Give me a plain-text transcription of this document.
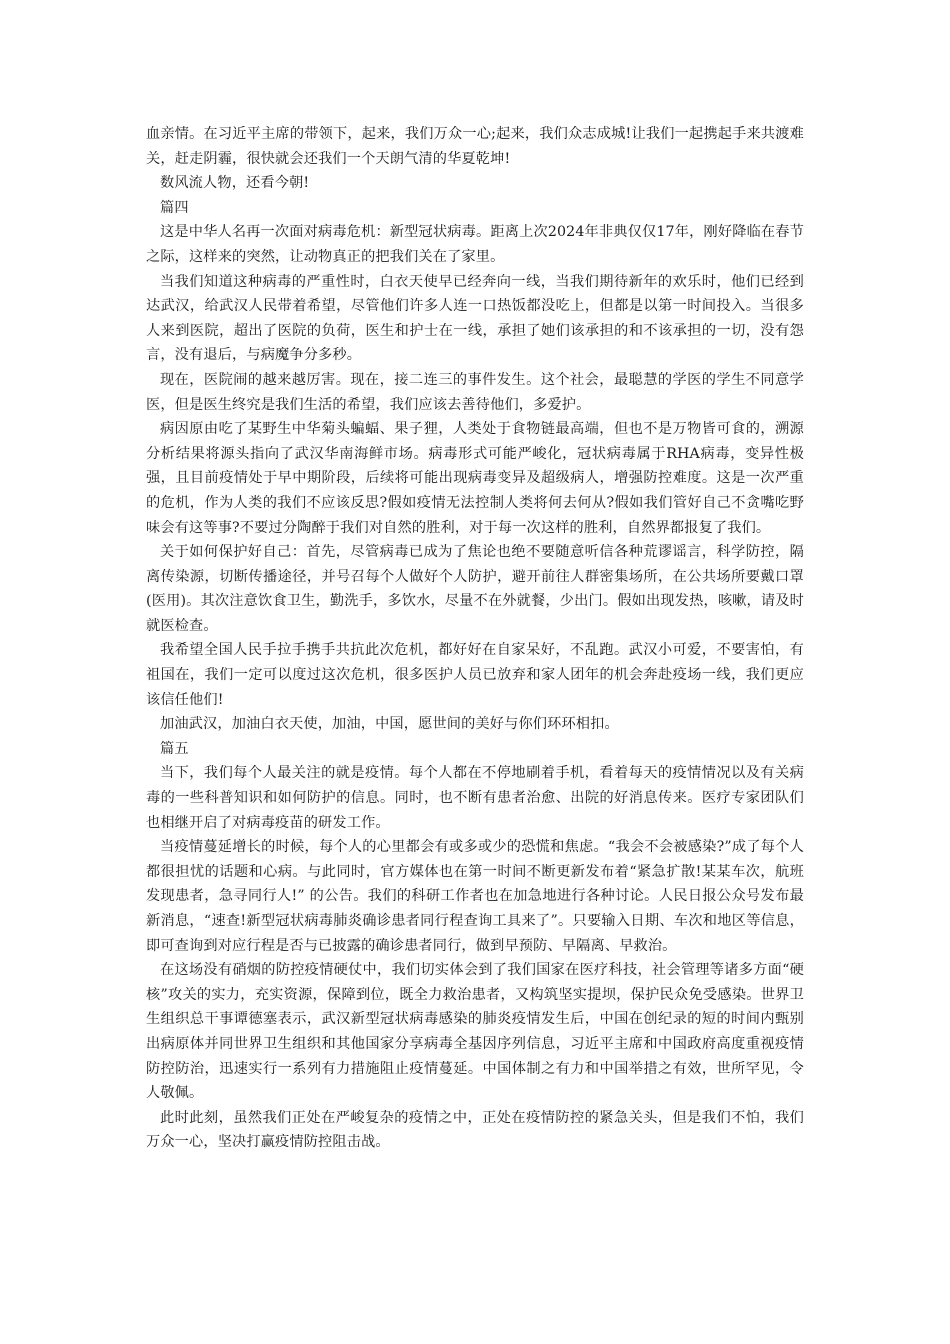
血亲情。在习近平主席的带领下，起来，我们万众一心;起来，我们众志成城!让我们一起携起手来共渡难关，赶走阴霾，很快就会还我们一个天朗气清的华夏乾坤!

数风流人物，还看今朝!

篇四

这是中华人名再一次面对病毒危机：新型冠状病毒。距离上次2024年非典仅仅17年，刚好降临在春节之际，这样来的突然，让动物真正的把我们关在了家里。

当我们知道这种病毒的严重性时，白衣天使早已经奔向一线，当我们期待新年的欢乐时，他们已经到达武汉，给武汉人民带着希望，尽管他们许多人连一口热饭都没吃上，但都是以第一时间投入。当很多人来到医院，超出了医院的负荷，医生和护士在一线，承担了她们该承担的和不该承担的一切，没有怨言，没有退后，与病魔争分多秒。

现在，医院闹的越来越厉害。现在，接二连三的事件发生。这个社会，最聪慧的学医的学生不同意学医，但是医生终究是我们生活的希望，我们应该去善待他们，多爱护。

病因原由吃了某野生中华菊头蝙蝠、果子狸，人类处于食物链最高端，但也不是万物皆可食的，溯源分析结果将源头指向了武汉华南海鲜市场。病毒形式可能严峻化，冠状病毒属于RHA病毒，变异性极强，且目前疫情处于早中期阶段，后续将可能出现病毒变异及超级病人，增强防控难度。这是一次严重的危机，作为人类的我们不应该反思?假如疫情无法控制人类将何去何从?假如我们管好自己不贪嘴吃野味会有这等事?不要过分陶醉于我们对自然的胜利，对于每一次这样的胜利，自然界都报复了我们。

关于如何保护好自己：首先，尽管病毒已成为了焦论也绝不要随意听信各种荒谬谣言，科学防控，隔离传染源，切断传播途径，并号召每个人做好个人防护，避开前往人群密集场所，在公共场所要戴口罩(医用)。其次注意饮食卫生，勤洗手，多饮水，尽量不在外就餐，少出门。假如出现发热，咳嗽，请及时就医检查。

我希望全国人民手拉手携手共抗此次危机，都好好在自家呆好，不乱跑。武汉小可爱，不要害怕，有祖国在，我们一定可以度过这次危机，很多医护人员已放弃和家人团年的机会奔赴疫场一线，我们更应该信任他们!

加油武汉，加油白衣天使，加油，中国，愿世间的美好与你们环环相扣。

篇五

当下，我们每个人最关注的就是疫情。每个人都在不停地刷着手机，看着每天的疫情情况以及有关病毒的一些科普知识和如何防护的信息。同时，也不断有患者治愈、出院的好消息传来。医疗专家团队们也相继开启了对病毒疫苗的研发工作。

当疫情蔓延增长的时候，每个人的心里都会有或多或少的恐慌和焦虑。“我会不会被感染?”成了每个人都很担忧的话题和心病。与此同时，官方媒体也在第一时间不断更新发布着“紧急扩散!某某车次，航班发现患者，急寻同行人!” 的公告。我们的科研工作者也在加急地进行各种讨论。人民日报公众号发布最新消息，“速查!新型冠状病毒肺炎确诊患者同行程查询工具来了”。只要输入日期、车次和地区等信息，即可查询到对应行程是否与已披露的确诊患者同行，做到早预防、早隔离、早救治。

在这场没有硝烟的防控疫情硬仗中，我们切实体会到了我们国家在医疗科技，社会管理等诸多方面“硬核”攻关的实力，充实资源，保障到位，既全力救治患者，又构筑坚实提坝，保护民众免受感染。世界卫生组织总干事谭德塞表示，武汉新型冠状病毒感染的肺炎疫情发生后，中国在创纪录的短的时间内甄别出病原体并同世界卫生组织和其他国家分享病毒全基因序列信息，习近平主席和中国政府高度重视疫情防控防治，迅速实行一系列有力措施阻止疫情蔓延。中国体制之有力和中国举措之有效，世所罕见，令人敬佩。

此时此刻，虽然我们正处在严峻复杂的疫情之中，正处在疫情防控的紧急关头，但是我们不怕，我们万众一心，坚决打赢疫情防控阻击战。
